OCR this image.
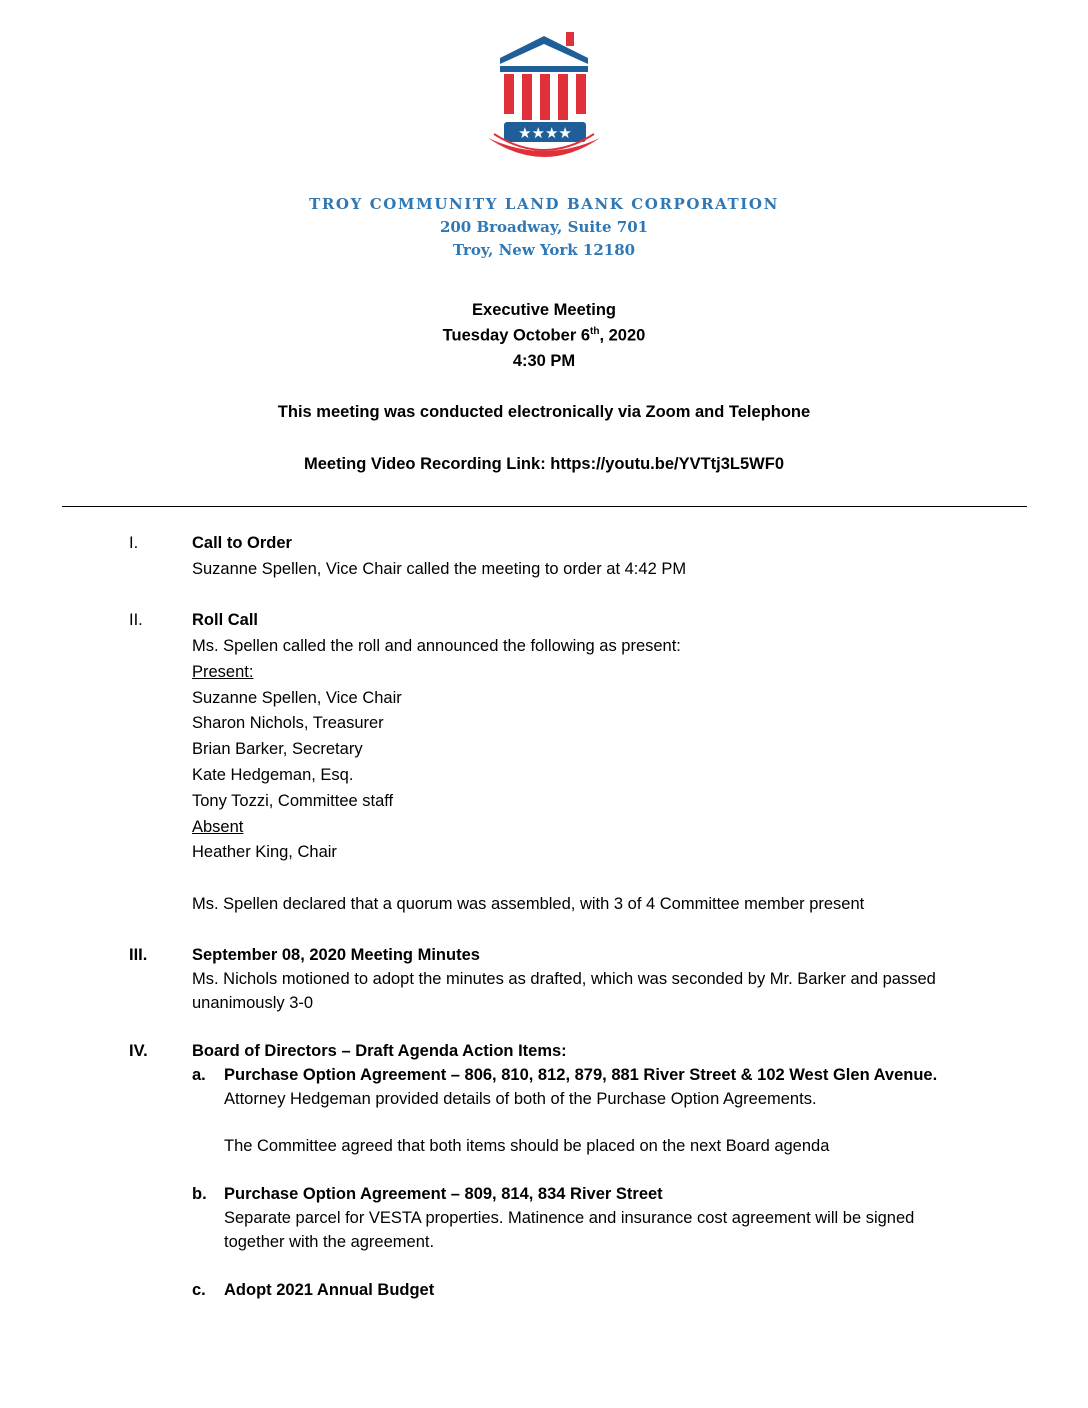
★★★★
TROY COMMUNITY LAND BANK CORPORATION
200 Broadway, Suite 701
Troy, New York 12180
Executive Meeting
Tuesday October 6th, 2020
4:30 PM
This meeting was conducted electronically via Zoom and Telephone
Meeting Video Recording Link: https://youtu.be/YVTtj3L5WF0
I.	Call to Order
Suzanne Spellen, Vice Chair called the meeting to order at 4:42 PM
II.	Roll Call
Ms. Spellen called the roll and announced the following as present:
Present:
Suzanne Spellen, Vice Chair
Sharon Nichols, Treasurer
Brian Barker, Secretary
Kate Hedgeman, Esq.
Tony Tozzi, Committee staff
Absent
Heather King, Chair
Ms. Spellen declared that a quorum was assembled, with 3 of 4 Committee member present
III.	September 08, 2020 Meeting Minutes
Ms. Nichols motioned to adopt the minutes as drafted, which was seconded by Mr. Barker and passed
unanimously 3-0
IV.	Board of Directors – Draft Agenda Action Items:
a. Purchase Option Agreement – 806, 810, 812, 879, 881 River Street & 102 West Glen Avenue.
Attorney Hedgeman provided details of both of the Purchase Option Agreements.
The Committee agreed that both items should be placed on the next Board agenda
b. Purchase Option Agreement – 809, 814, 834 River Street
Separate parcel for VESTA properties. Matinence and insurance cost agreement will be signed
together with the agreement.
c. Adopt 2021 Annual Budget
